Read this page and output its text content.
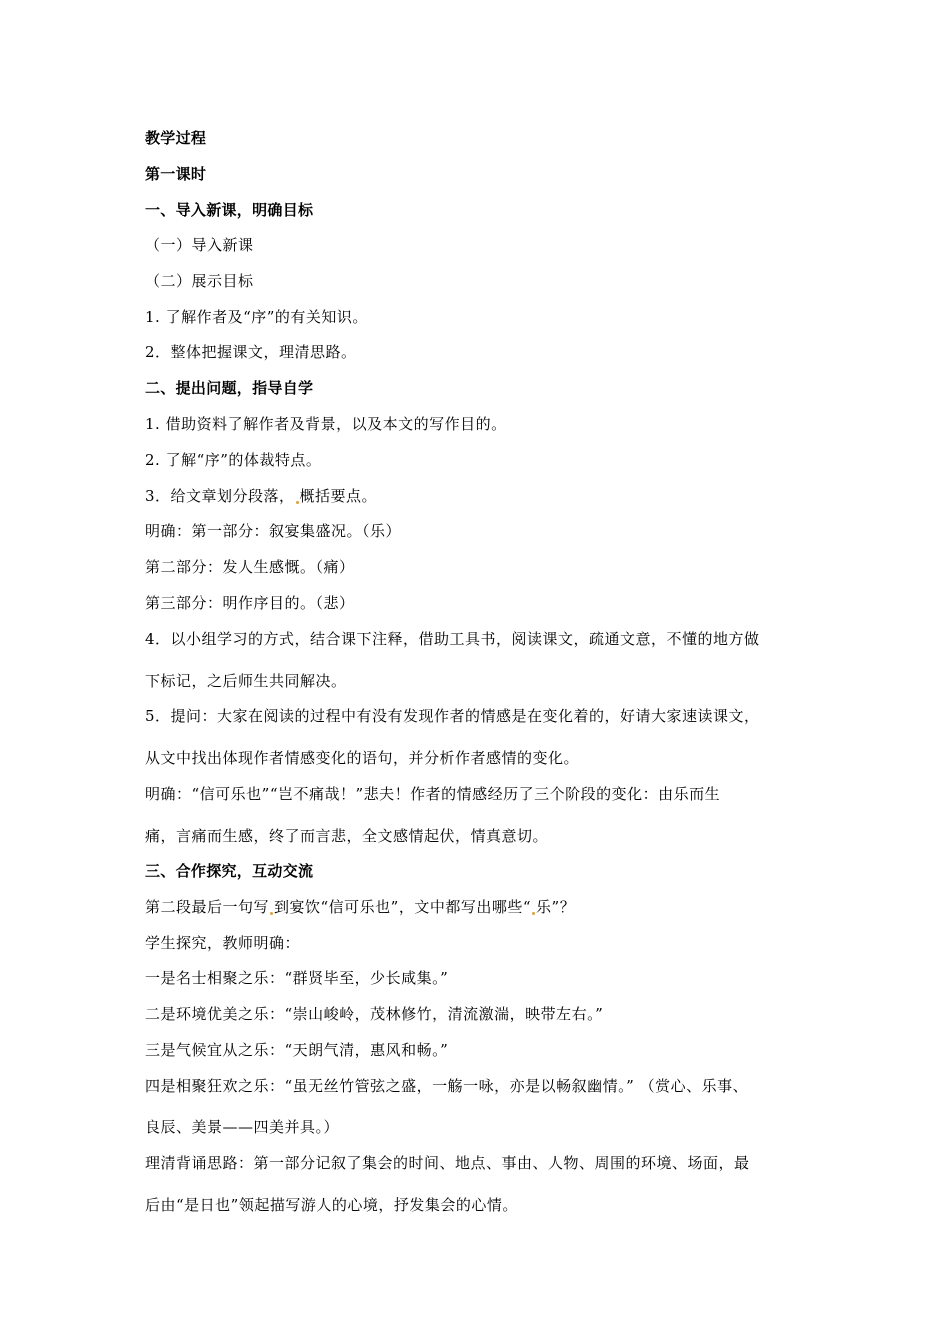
教学过程
第一课时
一、导入新课，明确目标
（一）导入新课
（二）展示目标
1. 了解作者及“序”的有关知识。
2．整体把握课文，理清思路。
二、提出问题，指导自学
1. 借助资料了解作者及背景，以及本文的写作目的。
2. 了解“序”的体裁特点。
3．给文章划分段落， 概括要点。
明确：第一部分：叙宴集盛况。（乐）
第二部分：发人生感慨。（痛）
第三部分：明作序目的。（悲）
4．以小组学习的方式，结合课下注释，借助工具书，阅读课文，疏通文意，不懂的地方做
下标记，之后师生共同解决。
5．提问：大家在阅读的过程中有没有发现作者的情感是在变化着的，好请大家速读课文，
从文中找出体现作者情感变化的语句，并分析作者感情的变化。
明确：“信可乐也”“岂不痛哉！”悲夫！作者的情感经历了三个阶段的变化：由乐而生
痛，言痛而生感，终了而言悲，全文感情起伏，情真意切。
三、合作探究，互动交流
第二段最后一句写 到宴饮“信可乐也”，文中都写出哪些“ 乐”？
学生探究，教师明确：
一是名士相聚之乐：“群贤毕至，少长咸集。”
二是环境优美之乐：“崇山峻岭，茂林修竹，清流激湍，映带左右。”
三是气候宜从之乐：“天朗气清，惠风和畅。”
四是相聚狂欢之乐：“虽无丝竹管弦之盛，一觞一咏，亦是以畅叙幽情。” （赏心、乐事、
良辰、美景——四美并具。）
理清背诵思路：第一部分记叙了集会的时间、地点、事由、人物、周围的环境、场面，最
后由“是日也”领起描写游人的心境，抒发集会的心情。
